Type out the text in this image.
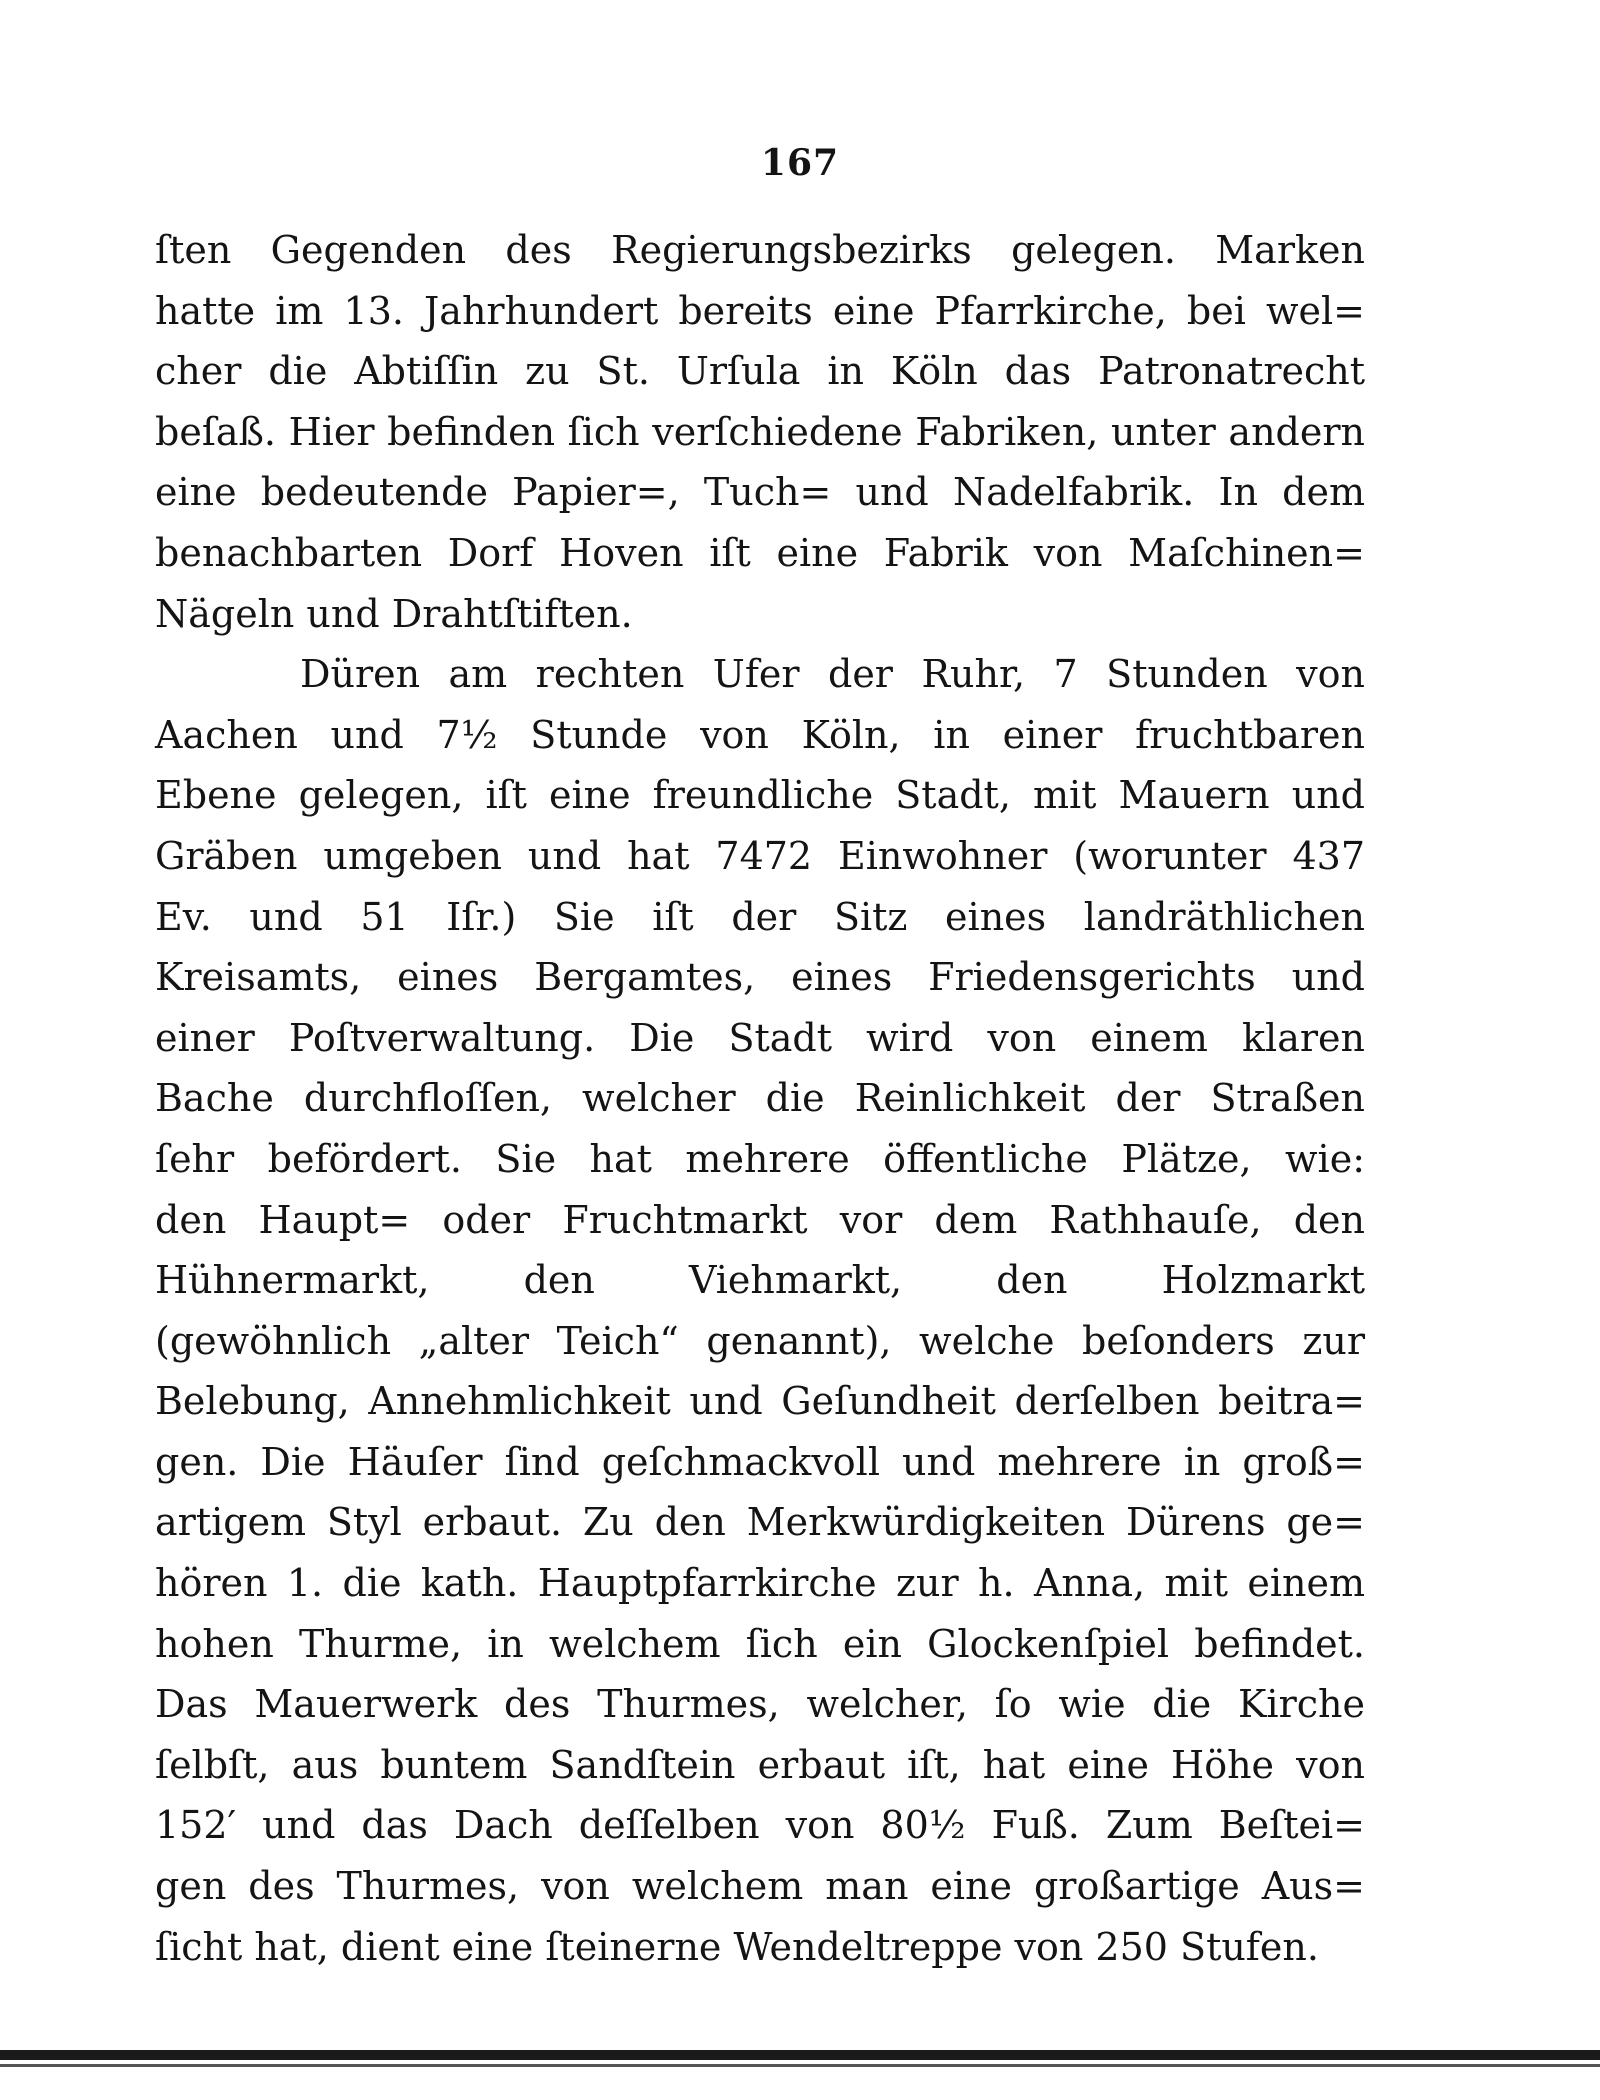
167
ſten Gegenden des Regierungsbezirks gelegen. Marken
hatte im 13. Jahrhundert bereits eine Pfarrkirche, bei wel=
cher die Abtiſſin zu St. Urſula in Köln das Patronatrecht
beſaß. Hier befinden ſich verſchiedene Fabriken, unter andern
eine bedeutende Papier=, Tuch= und Nadelfabrik. In dem
benachbarten Dorf Hoven iſt eine Fabrik von Maſchinen=
Nägeln und Drahtſtiften.
Düren am rechten Ufer der Ruhr, 7 Stunden von
Aachen und 7½ Stunde von Köln, in einer fruchtbaren
Ebene gelegen, iſt eine freundliche Stadt, mit Mauern und
Gräben umgeben und hat 7472 Einwohner (worunter 437
Ev. und 51 Iſr.) Sie iſt der Sitz eines landräthlichen
Kreisamts, eines Bergamtes, eines Friedensgerichts und
einer Poſtverwaltung. Die Stadt wird von einem klaren
Bache durchfloſſen, welcher die Reinlichkeit der Straßen
ſehr befördert. Sie hat mehrere öffentliche Plätze, wie:
den Haupt= oder Fruchtmarkt vor dem Rathhauſe, den
Hühnermarkt, den Viehmarkt, den Holzmarkt
(gewöhnlich „alter Teich“ genannt), welche beſonders zur
Belebung, Annehmlichkeit und Geſundheit derſelben beitra=
gen. Die Häuſer ſind geſchmackvoll und mehrere in groß=
artigem Styl erbaut. Zu den Merkwürdigkeiten Dürens ge=
hören 1. die kath. Hauptpfarrkirche zur h. Anna, mit einem
hohen Thurme, in welchem ſich ein Glockenſpiel befindet.
Das Mauerwerk des Thurmes, welcher, ſo wie die Kirche
ſelbſt, aus buntem Sandſtein erbaut iſt, hat eine Höhe von
152′ und das Dach deſſelben von 80½ Fuß. Zum Beſtei=
gen des Thurmes, von welchem man eine großartige Aus=
ſicht hat, dient eine ſteinerne Wendeltreppe von 250 Stufen.
